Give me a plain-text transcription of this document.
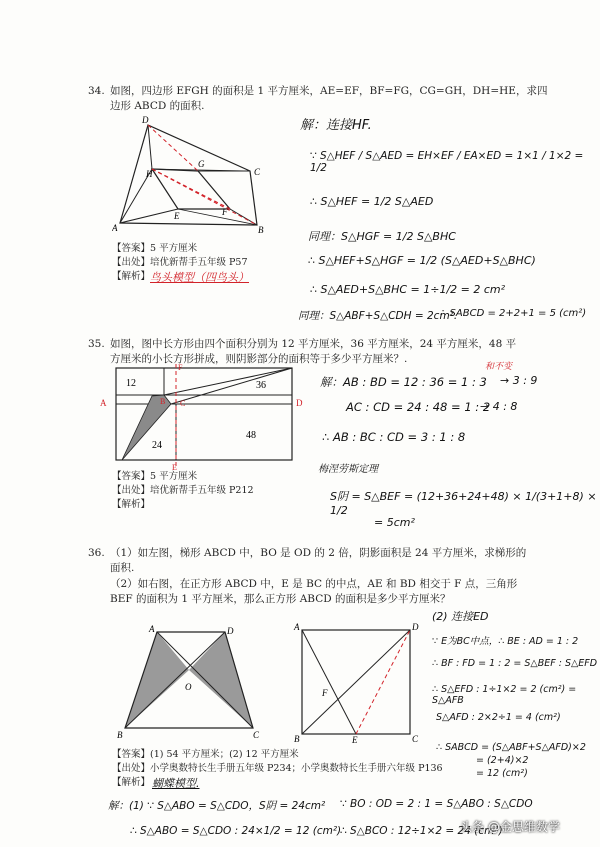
34. 如图，四边形 EFGH 的面积是 1 平方厘米，AE=EF，BF=FG，CG=GH，DH=HE，求四
边形 ABCD 的面积.
D
H
G
C
F
E
A	B
【答案】5 平方厘米
【出处】培优新帮手五年级 P57
【解析】 鸟头模型（四鸟头）
解：连接HF.
∵ S△HEF / S△AED = EH×EF / EA×ED = 1×1 / 1×2 = 1/2
∴ S△HEF = 1/2 S△AED
同理：S△HGF = 1/2 S△BHC
∴ S△HEF+S△HGF = 1/2 (S△AED+S△BHC)
∴ S△AED+S△BHC = 1÷1/2 = 2 cm²
同理：S△ABF+S△CDH = 2cm².
∴ SABCD = 2+2+1 = 5 (cm²)
35. 如图，图中长方形由四个面积分别为 12 平方厘米，36 平方厘米，24 平方厘米，48 平
方厘米的小长方形拼成，则阴影部分的面积等于多少平方厘米？.
12	36
24
48
A	B C	D
E
F
【答案】5 平方厘米
【出处】培优新帮手五年级 P212
【解析】
解：AB : BD = 12 : 36 = 1 : 3
和不变
→ 3 : 9
AC : CD = 24 : 48 = 1 : 2
→ 4 : 8
∴ AB : BC : CD = 3 : 1 : 8
梅涅劳斯定理
S阴 = S△BEF = (12+36+24+48) × 1/(3+1+8) × 1/2
= 5cm²
36. （1）如左图，梯形 ABCD 中，BO 是 OD 的 2 倍，阴影面积是 24 平方厘米，求梯形的
面积.
（2）如右图，在正方形 ABCD 中，E 是 BC 的中点，AE 和 BD 相交于 F 点，三角形
BEF 的面积为 1 平方厘米，那么正方形 ABCD 的面积是多少平方厘米？
A	D
O
B	C
A	D
F
B	E	C
【答案】(1) 54 平方厘米；(2) 12 平方厘米
【出处】小学奥数特长生手册五年级 P234；小学奥数特长生手册六年级 P136
【解析】 蝴蝶模型.
(2) 连接ED
∵ E为BC中点，∴ BE : AD = 1 : 2
∴ BF : FD = 1 : 2 = S△BEF : S△EFD
∴ S△EFD : 1÷1×2 = 2 (cm²) = S△AFB
S△AFD : 2×2÷1 = 4 (cm²)
∴ SABCD = (S△ABF+S△AFD)×2
= (2+4)×2
= 12 (cm²)
解：(1) ∵ S△ABO = S△CDO，S阴 = 24cm²
∴ S△ABO = S△CDO : 24×1/2 = 12 (cm²)
∵ BO : OD = 2 : 1 = S△ABO : S△CDO
∴ S△BCO : 12÷1×2 = 24 (cm²)
头条 @金思维数学
